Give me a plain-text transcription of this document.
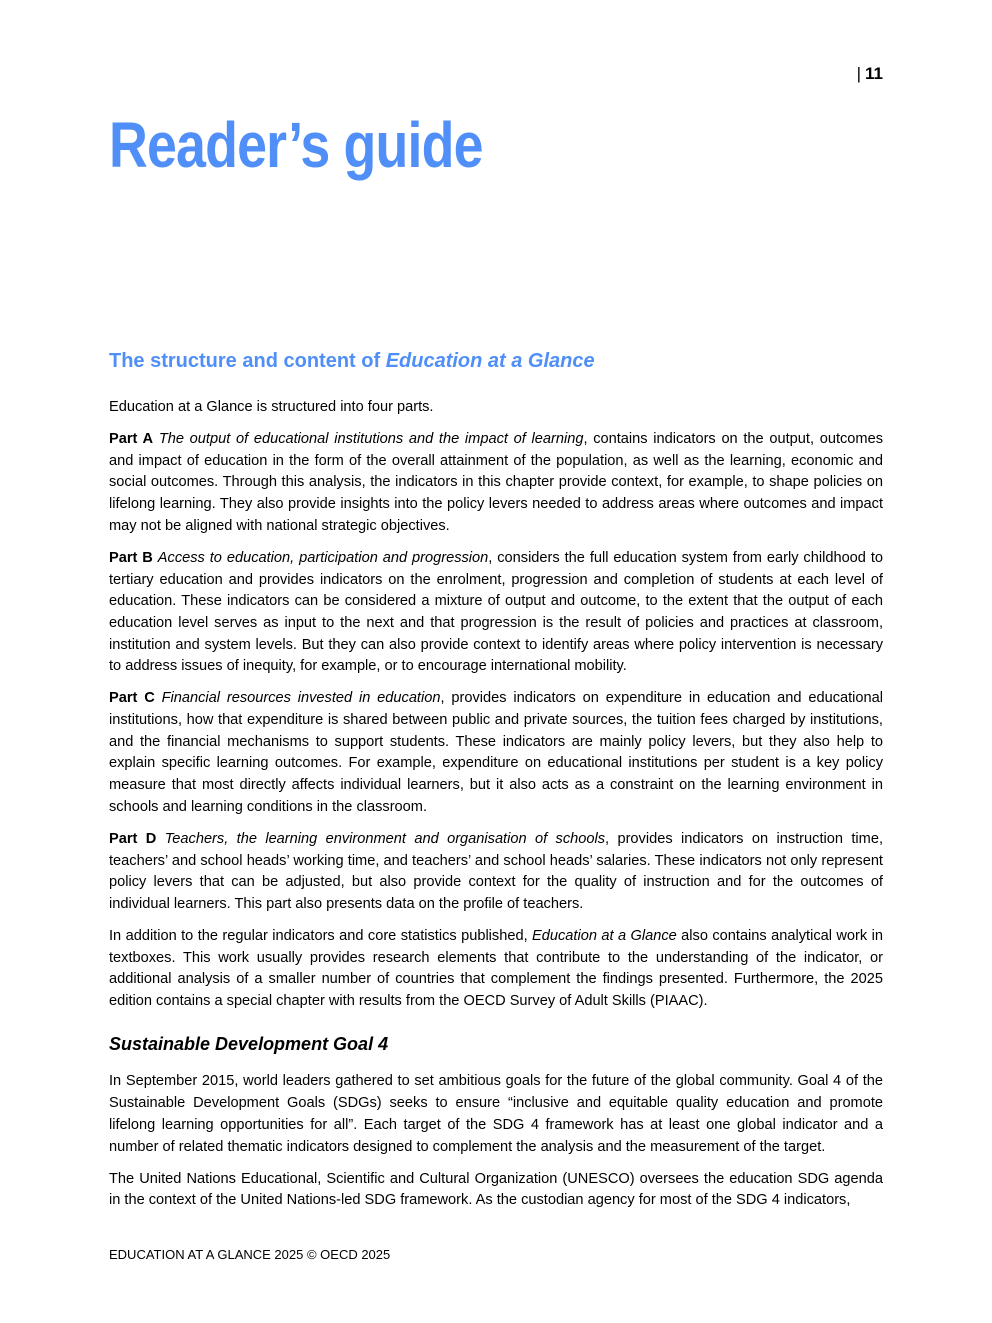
| 11
Reader’s guide
The structure and content of Education at a Glance

Education at a Glance is structured into four parts.

Part A The output of educational institutions and the impact of learning, contains indicators on the output, outcomes and impact of education in the form of the overall attainment of the population, as well as the learning, economic and social outcomes. Through this analysis, the indicators in this chapter provide context, for example, to shape policies on lifelong learning. They also provide insights into the policy levers needed to address areas where outcomes and impact may not be aligned with national strategic objectives.

Part B Access to education, participation and progression, considers the full education system from early childhood to tertiary education and provides indicators on the enrolment, progression and completion of students at each level of education. These indicators can be considered a mixture of output and outcome, to the extent that the output of each education level serves as input to the next and that progression is the result of policies and practices at classroom, institution and system levels. But they can also provide context to identify areas where policy intervention is necessary to address issues of inequity, for example, or to encourage international mobility.

Part C Financial resources invested in education, provides indicators on expenditure in education and educational institutions, how that expenditure is shared between public and private sources, the tuition fees charged by institutions, and the financial mechanisms to support students. These indicators are mainly policy levers, but they also help to explain specific learning outcomes. For example, expenditure on educational institutions per student is a key policy measure that most directly affects individual learners, but it also acts as a constraint on the learning environment in schools and learning conditions in the classroom.

Part D Teachers, the learning environment and organisation of schools, provides indicators on instruction time, teachers’ and school heads’ working time, and teachers’ and school heads’ salaries. These indicators not only represent policy levers that can be adjusted, but also provide context for the quality of instruction and for the outcomes of individual learners. This part also presents data on the profile of teachers.

In addition to the regular indicators and core statistics published, Education at a Glance also contains analytical work in textboxes. This work usually provides research elements that contribute to the understanding of the indicator, or additional analysis of a smaller number of countries that complement the findings presented. Furthermore, the 2025 edition contains a special chapter with results from the OECD Survey of Adult Skills (PIAAC).

Sustainable Development Goal 4

In September 2015, world leaders gathered to set ambitious goals for the future of the global community. Goal 4 of the Sustainable Development Goals (SDGs) seeks to ensure “inclusive and equitable quality education and promote lifelong learning opportunities for all”. Each target of the SDG 4 framework has at least one global indicator and a number of related thematic indicators designed to complement the analysis and the measurement of the target.

The United Nations Educational, Scientific and Cultural Organization (UNESCO) oversees the education SDG agenda in the context of the United Nations-led SDG framework. As the custodian agency for most of the SDG 4 indicators,

EDUCATION AT A GLANCE 2025 © OECD 2025
